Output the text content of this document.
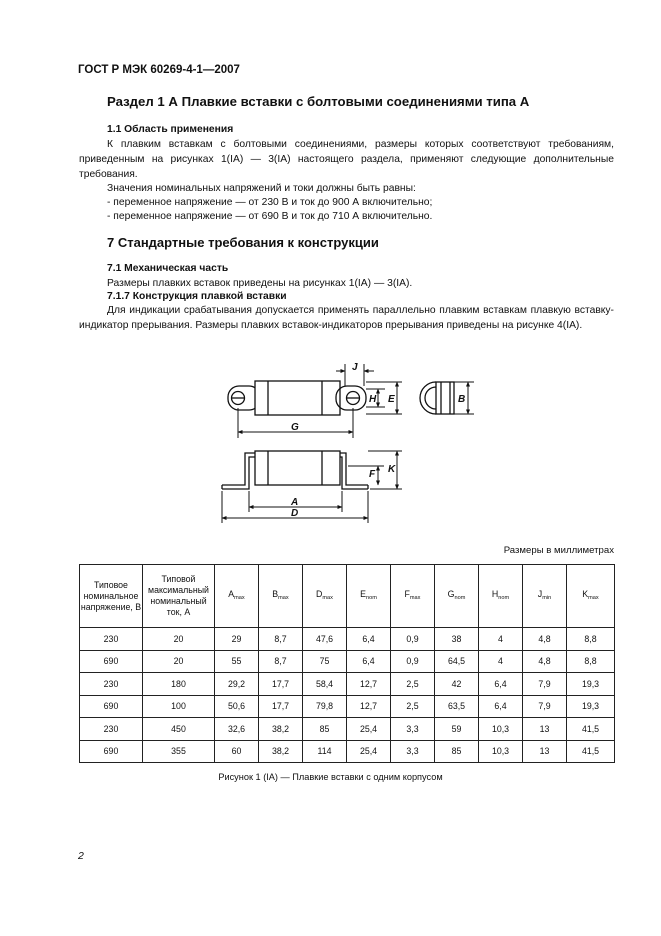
ГОСТ Р МЭК 60269-4-1—2007
Раздел 1 А Плавкие вставки с болтовыми соединениями типа А
1.1 Область применения
К плавким вставкам с болтовыми соединениями, размеры которых соответствуют требованиям, приведенным на рисунках 1(IA) — 3(IA) настоящего раздела, применяют следующие дополнительные требования.
Значения номинальных напряжений и токи должны быть равны:
- переменное напряжение — от 230 В и ток до 900 А включительно;
- переменное напряжение — от 690 В и ток до 710 А включительно.
7 Стандартные требования к конструкции
7.1 Механическая часть
Размеры плавких вставок приведены на рисунках 1(IA) — 3(IA).
7.1.7 Конструкция плавкой вставки
Для индикации срабатывания допускается применять параллельно плавким вставкам плавкую вставку-индикатор прерывания. Размеры плавких вставок-индикаторов прерывания приведены на рисунке 4(IA).
J
H E	B
G
F K
A
D
Размеры в миллиметрах
Типовое номинальное напряжение, В	Типовой максимальный номинальный ток, А	$A_{max}$	$B_{max}$	$D_{max}$	$E_{nom}$	$F_{max}$	$G_{nom}$	$H_{nom}$	$J_{min}$	$K_{max}$
230	20	29	8,7	47,6	6,4	0,9	38	4	4,8	8,8
690	20	55	8,7	75	6,4	0,9	64,5	4	4,8	8,8
230	180	29,2	17,7	58,4	12,7	2,5	42	6,4	7,9	19,3
690	100	50,6	17,7	79,8	12,7	2,5	63,5	6,4	7,9	19,3
230	450	32,6	38,2	85	25,4	3,3	59	10,3	13	41,5
690	355	60	38,2	114	25,4	3,3	85	10,3	13	41,5
Рисунок 1 (IA) — Плавкие вставки с одним корпусом
2
